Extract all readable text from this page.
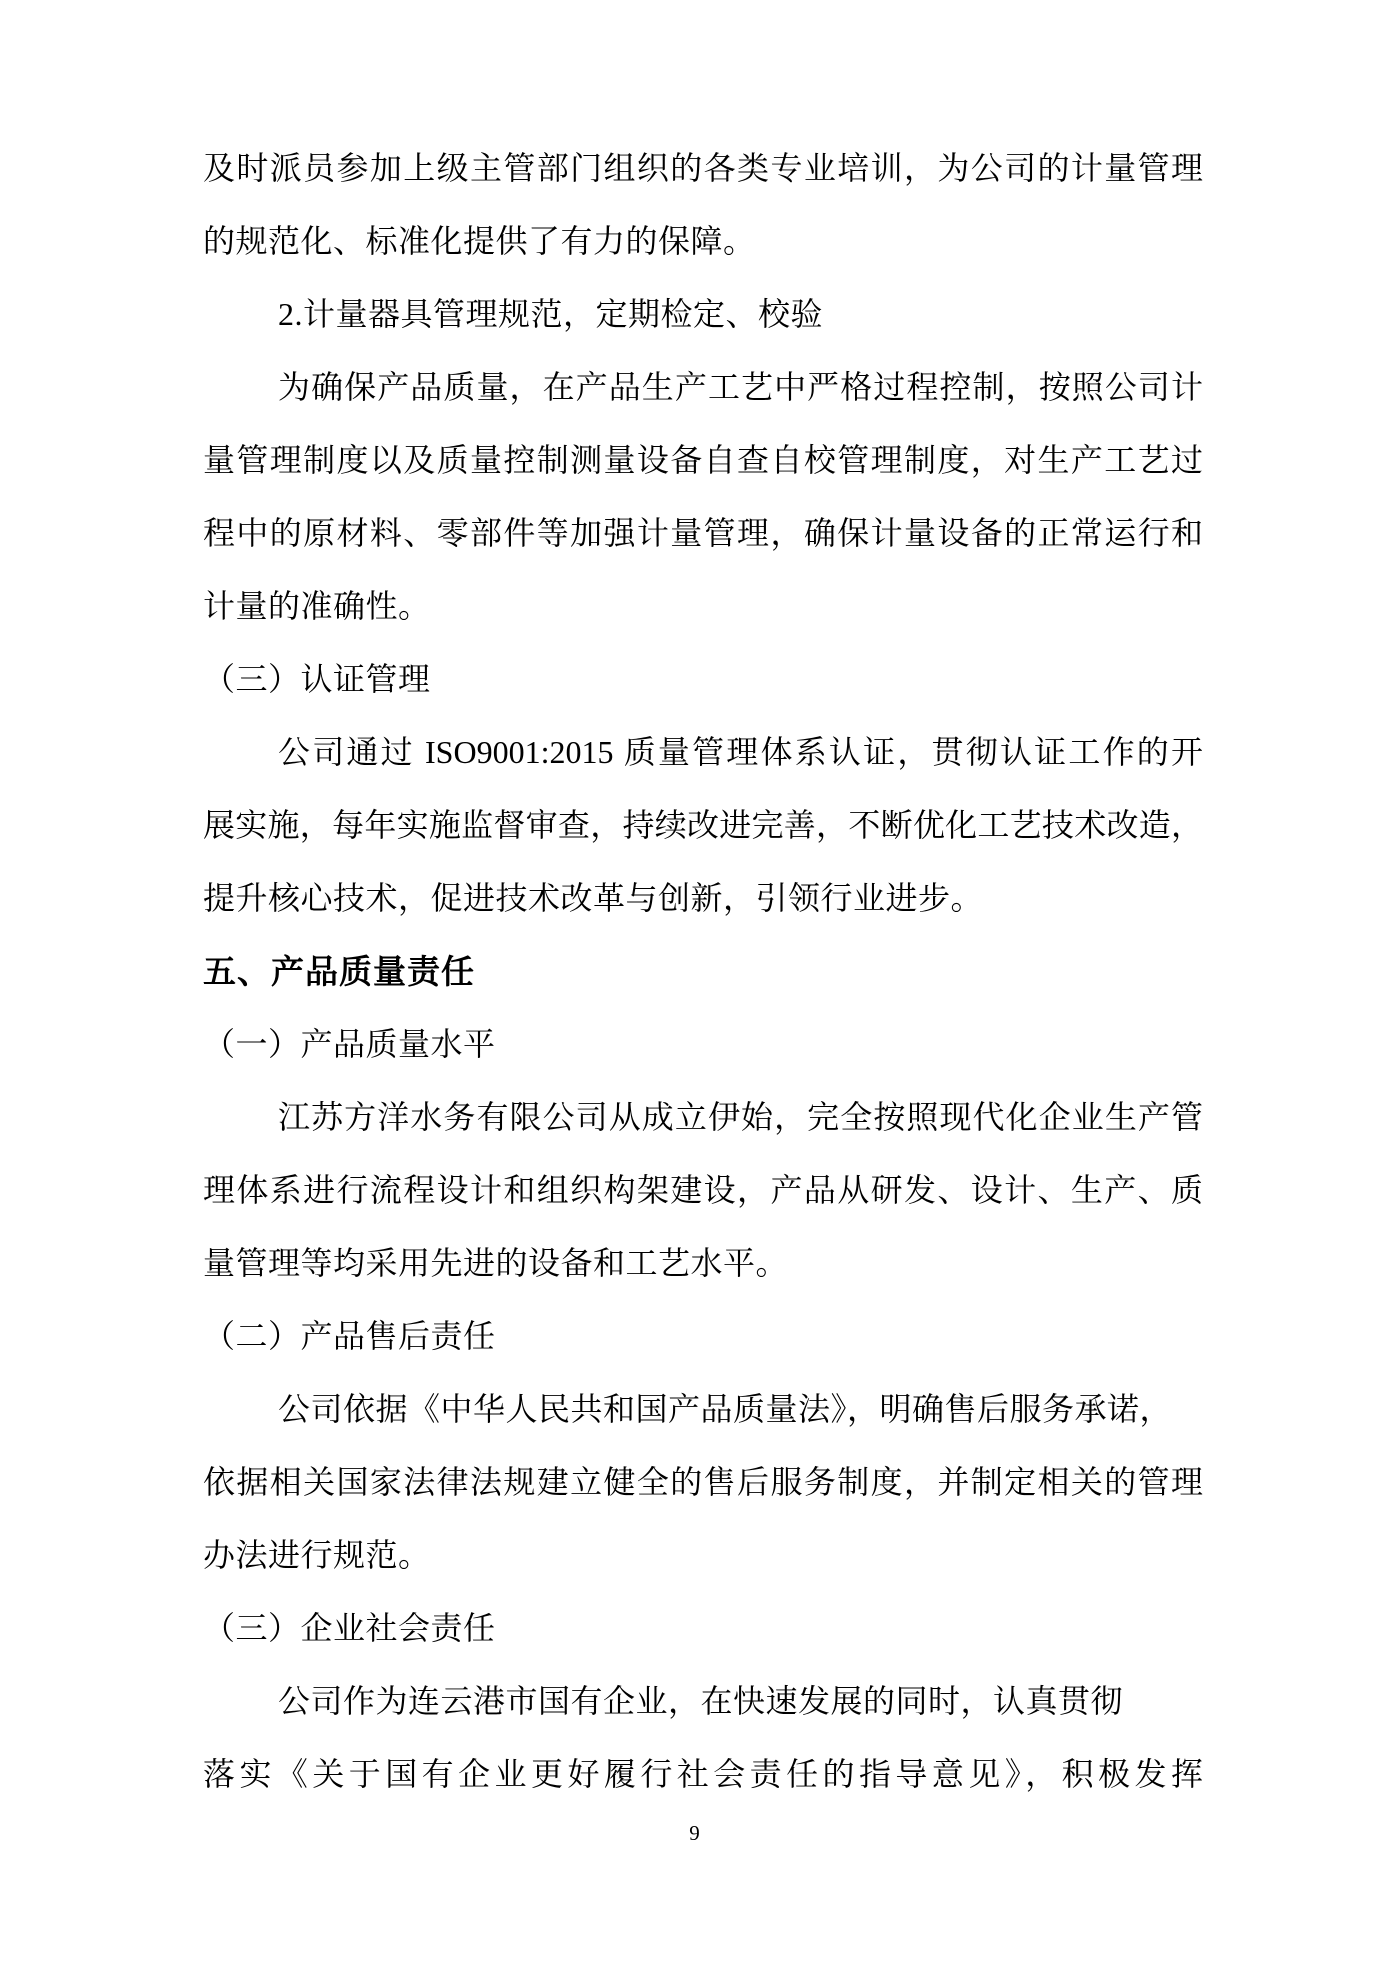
及时派员参加上级主管部门组织的各类专业培训，为公司的计量管理
的规范化、标准化提供了有力的保障。
2.计量器具管理规范，定期检定、校验
为确保产品质量，在产品生产工艺中严格过程控制，按照公司计
量管理制度以及质量控制测量设备自查自校管理制度，对生产工艺过
程中的原材料、零部件等加强计量管理，确保计量设备的正常运行和
计量的准确性。
（三）认证管理
公司通过 ISO9001:2015 质量管理体系认证，贯彻认证工作的开
展实施，每年实施监督审查，持续改进完善，不断优化工艺技术改造，
提升核心技术，促进技术改革与创新，引领行业进步。
五、产品质量责任
（一）产品质量水平
江苏方洋水务有限公司从成立伊始，完全按照现代化企业生产管
理体系进行流程设计和组织构架建设，产品从研发、设计、生产、质
量管理等均采用先进的设备和工艺水平。
（二）产品售后责任
公司依据《中华人民共和国产品质量法》，明确售后服务承诺，
依据相关国家法律法规建立健全的售后服务制度，并制定相关的管理
办法进行规范。
（三）企业社会责任
公司作为连云港市国有企业，在快速发展的同时，认真贯彻
落实《关于国有企业更好履行社会责任的指导意见》，积极发挥
9
